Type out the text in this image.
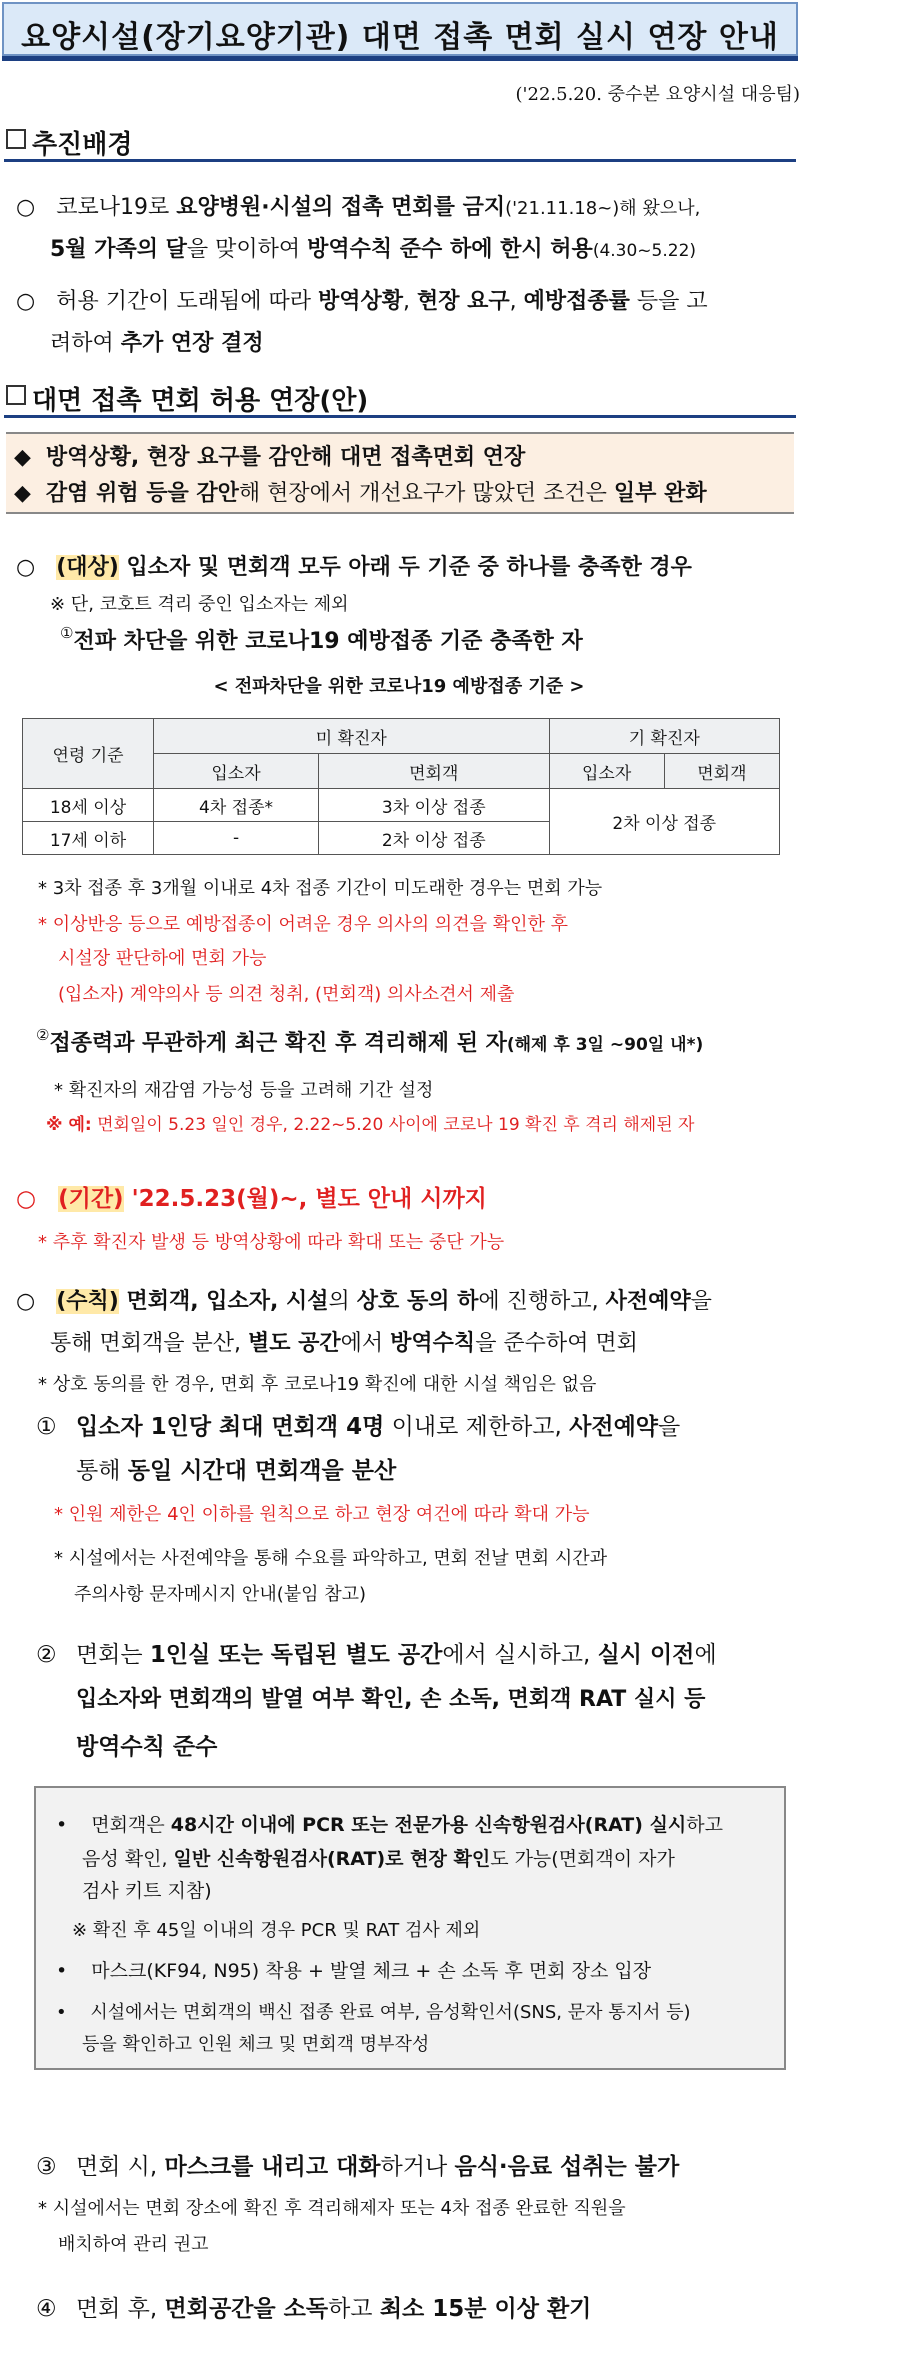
요양시설(장기요양기관) 대면 접촉 면회 실시 연장 안내
('22.5.20. 중수본 요양시설 대응팀)
추진배경
○ 코로나19로 요양병원·시설의 접촉 면회를 금지('21.11.18~)해 왔으나,
5월 가족의 달을 맞이하여 방역수칙 준수 하에 한시 허용(4.30~5.22)
○ 허용 기간이 도래됨에 따라 방역상황, 현장 요구, 예방접종률 등을 고
려하여 추가 연장 결정
대면 접촉 면회 허용 연장(안)
◆ 방역상황, 현장 요구를 감안해 대면 접촉면회 연장
◆ 감염 위험 등을 감안해 현장에서 개선요구가 많았던 조건은 일부 완화
○ (대상) 입소자 및 면회객 모두 아래 두 기준 중 하나를 충족한 경우
※ 단, 코호트 격리 중인 입소자는 제외
①전파 차단을 위한 코로나19 예방접종 기준 충족한 자
< 전파차단을 위한 코로나19 예방접종 기준 >
연령 기준	미 확진자		기 확진자	
	입소자	면회객	입소자	면회객
18세 이상	4차 접종*	3차 이상 접종	2차 이상 접종	
17세 이하	-	2차 이상 접종		
* 3차 접종 후 3개월 이내로 4차 접종 기간이 미도래한 경우는 면회 가능
* 이상반응 등으로 예방접종이 어려운 경우 의사의 의견을 확인한 후
시설장 판단하에 면회 가능
(입소자) 계약의사 등 의견 청취, (면회객) 의사소견서 제출
②접종력과 무관하게 최근 확진 후 격리해제 된 자(해제 후 3일 ~90일 내*)
* 확진자의 재감염 가능성 등을 고려해 기간 설정
※ 예: 면회일이 5.23 일인 경우, 2.22~5.20 사이에 코로나 19 확진 후 격리 해제된 자
○ (기간) '22.5.23(월)~, 별도 안내 시까지
* 추후 확진자 발생 등 방역상황에 따라 확대 또는 중단 가능
○ (수칙) 면회객, 입소자, 시설의 상호 동의 하에 진행하고, 사전예약을
통해 면회객을 분산, 별도 공간에서 방역수칙을 준수하여 면회
* 상호 동의를 한 경우, 면회 후 코로나19 확진에 대한 시설 책임은 없음
① 입소자 1인당 최대 면회객 4명 이내로 제한하고, 사전예약을
통해 동일 시간대 면회객을 분산
* 인원 제한은 4인 이하를 원칙으로 하고 현장 여건에 따라 확대 가능
* 시설에서는 사전예약을 통해 수요를 파악하고, 면회 전날 면회 시간과
주의사항 문자메시지 안내(붙임 참고)
② 면회는 1인실 또는 독립된 별도 공간에서 실시하고, 실시 이전에
입소자와 면회객의 발열 여부 확인, 손 소독, 면회객 RAT 실시 등
방역수칙 준수
• 면회객은 48시간 이내에 PCR 또는 전문가용 신속항원검사(RAT) 실시하고
음성 확인, 일반 신속항원검사(RAT)로 현장 확인도 가능(면회객이 자가
검사 키트 지참)
※ 확진 후 45일 이내의 경우 PCR 및 RAT 검사 제외
• 마스크(KF94, N95) 착용 + 발열 체크 + 손 소독 후 면회 장소 입장
• 시설에서는 면회객의 백신 접종 완료 여부, 음성확인서(SNS, 문자 통지서 등)
등을 확인하고 인원 체크 및 면회객 명부작성
③ 면회 시, 마스크를 내리고 대화하거나 음식·음료 섭취는 불가
* 시설에서는 면회 장소에 확진 후 격리해제자 또는 4차 접종 완료한 직원을
배치하여 관리 권고
④ 면회 후, 면회공간을 소독하고 최소 15분 이상 환기
